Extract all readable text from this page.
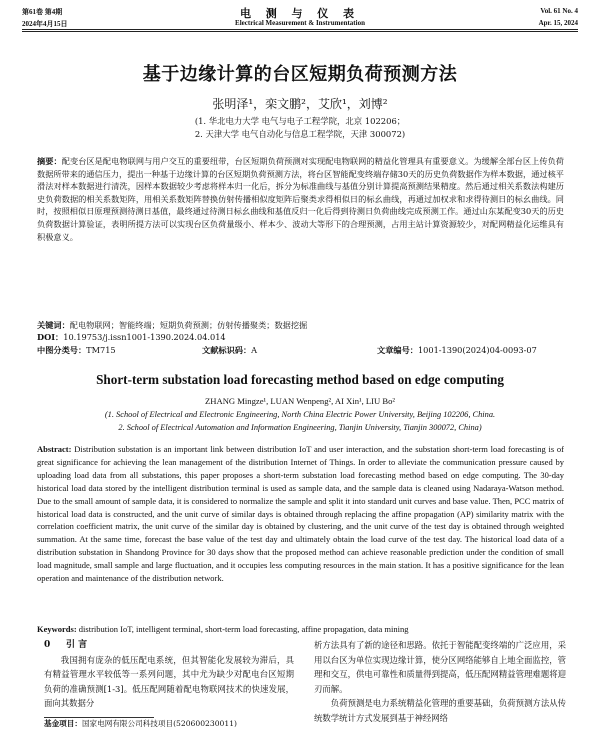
第61卷 第4期	电 测 与 仪 表	Vol. 61 No. 4
2024年4月15日	Electrical Measurement & Instrumentation	Apr. 15, 2024
基于边缘计算的台区短期负荷预测方法
张明泽¹，栾文鹏²，艾欣¹，刘博²
(1. 华北电力大学 电气与电子工程学院，北京 102206；
2. 天津大学 电气自动化与信息工程学院，天津 300072)
摘要：配变台区是配电物联网与用户交互的重要纽带，台区短期负荷预测对实现配电物联网的精益化管理具有重要意义。为缓解全部台区上传负荷数据所带来的通信压力，提出一种基于边缘计算的台区短期负荷预测方法，将台区智能配变终端存储30天的历史负荷数据作为样本数据，通过核平滑法对样本数据进行清洗，因样本数据较少考虑将样本归一化后，拆分为标准曲线与基值分别计算提高预测结果精度。然后通过相关系数法构建历史负荷数据的相关系数矩阵，用相关系数矩阵替换仿射传播相似度矩阵后聚类求得相似日的标幺曲线，再通过加权求和求得待测日的标幺曲线。同时，按照相似日原理预测待测日基值，最终通过待测日标幺曲线和基值反归一化后得到待测日负荷曲线完成预测工作。通过山东某配变30天的历史负荷数据计算验证，表明所提方法可以实现台区负荷量级小、样本少、波动大等形下的合理预测，占用主站计算资源较少，对配网精益化运维具有积极意义。
关键词：配电物联网；智能终端；短期负荷预测；仿射传播聚类；数据挖掘
DOI：10.19753/j.issn1001-1390.2024.04.014
中图分类号： TM715	文献标识码： A	文章编号： 1001-1390(2024)04-0093-07
Short-term substation load forecasting method based on edge computing
ZHANG Mingze¹, LUAN Wenpeng², AI Xin¹, LIU Bo²
(1. School of Electrical and Electronic Engineering, North China Electric Power University, Beijing 102206, China.
2. School of Electrical Automation and Information Engineering, Tianjin University, Tianjin 300072, China)
Abstract: Distribution substation is an important link between distribution IoT and user interaction, and the substation short-term load forecasting is of great significance for achieving the lean management of the distribution Internet of Things. In order to alleviate the communication pressure caused by uploading load data from all substations, this paper proposes a short-term substation load forecasting method based on edge computing. The 30-day historical load data stored by the intelligent distribution terminal is used as sample data, and the sample data is cleaned using Nadaraya-Watson method. Due to the small amount of sample data, it is considered to normalize the sample and split it into standard unit curves and base value. Then, PCC matrix of historical load data is constructed, and the unit curve of similar days is obtained through replacing the affine propagation (AP) similarity matrix with the correlation coefficient matrix, the unit curve of the similar day is obtained by clustering, and the unit curve of the test day is obtained through weighted summation. At the same time, forecast the base value of the test day and ultimately obtain the load curve of the test day. The historical load data of a distribution substation in Shandong Province for 30 days show that the proposed method can achieve reasonable prediction under the condition of small load magnitude, small sample and large fluctuation, and it occupies less computing resources in the main station. It has a positive significance for the lean operation and maintenance of the distribution network.
Keywords: distribution IoT, intelligent terminal, short-term load forecasting, affine propagation, data mining
0 引 言
我国拥有庞杂的低压配电系统，但其智能化发展较为滞后，具有精益管理水平较低等一系列问题，其中尤为缺少对配电台区短期负荷的准确预测[1-3]。低压配网随着配电物联网技术的快速发展，面向其数据分
析方法具有了新的途径和思路。依托于智能配变终端的广泛应用，采用以台区为单位实现边缘计算，使分区网络能够自上地全面监控，管理和交互，供电可靠性和质量得到提高，低压配网精益管理难题将迎刃而解。
负荷预测是电力系统精益化管理的重要基础，负荷预测方法从传统数学统计方式发展到基于神经网络
基金项目：国家电网有限公司科技项目(520600230011)
